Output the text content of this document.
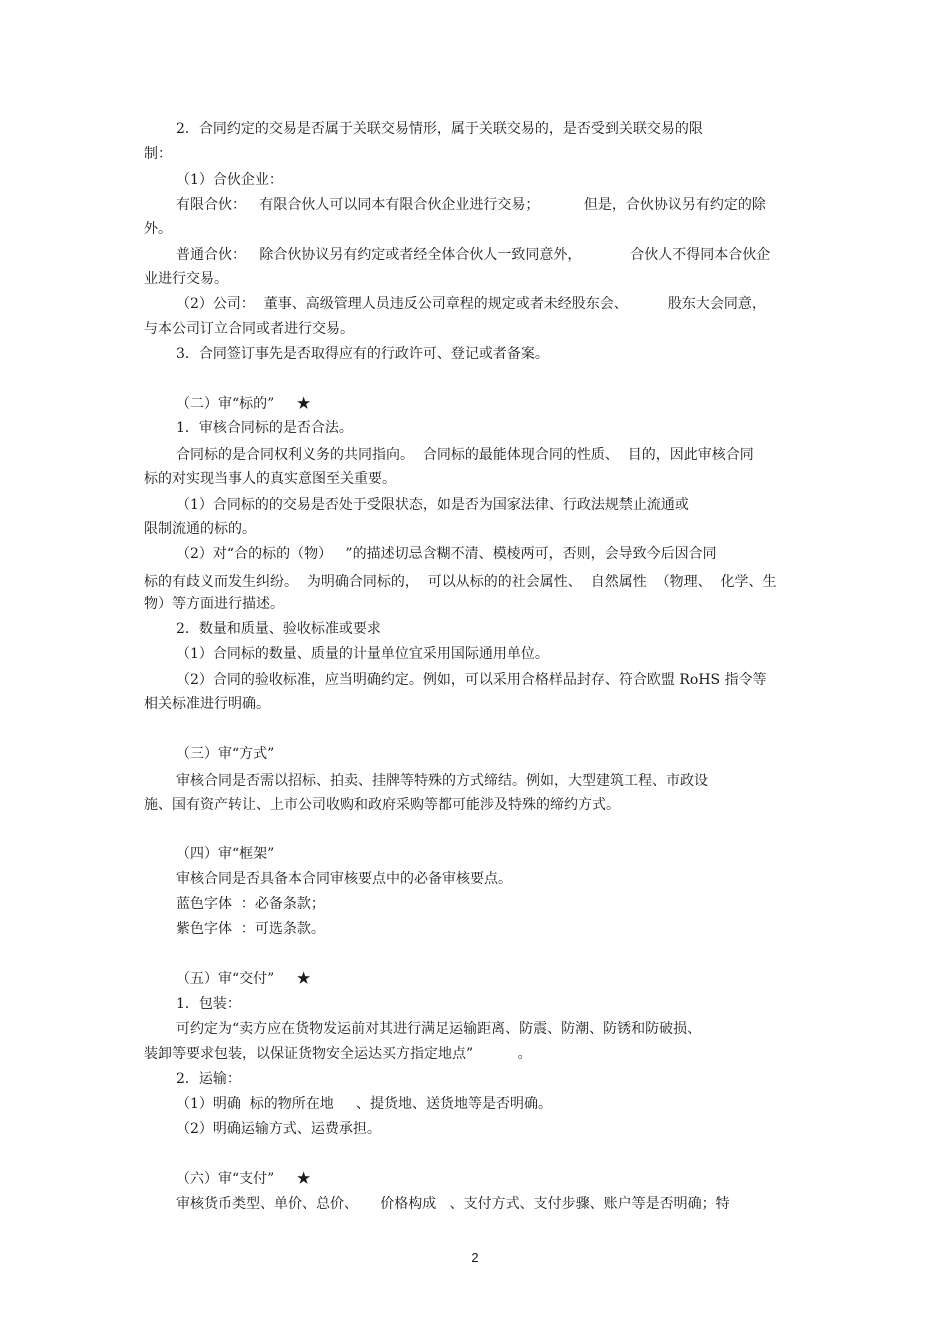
2．合同约定的交易是否属于关联交易情形，属于关联交易的，是否受到关联交易的限

制：

（1）合伙企业：

有限合伙：   有限合伙人可以同本有限合伙企业进行交易；          但是，合伙协议另有约定的除

外。

普通合伙：   除合伙协议另有约定或者经全体合伙人一致同意外，           合伙人不得同本合伙企

业进行交易。

（2）公司：  董事、高级管理人员违反公司章程的规定或者未经股东会、         股东大会同意，

与本公司订立合同或者进行交易。

3．合同签订事先是否取得应有的行政许可、登记或者备案。

（二）审“标的”     ★

1．审核合同标的是否合法。

合同标的是合同权利义务的共同指向。  合同标的最能体现合同的性质、  目的，因此审核合同

标的对实现当事人的真实意图至关重要。

（1）合同标的的交易是否处于受限状态，如是否为国家法律、行政法规禁止流通或

限制流通的标的。

（2）对“合的标的（物）   ”的描述切忌含糊不清、模棱两可，否则，会导致今后因合同

标的有歧义而发生纠纷。  为明确合同标的，  可以从标的的社会属性、  自然属性  （物理、  化学、生

物）等方面进行描述。

2．数量和质量、验收标准或要求

（1）合同标的数量、质量的计量单位宜采用国际通用单位。

（2）合同的验收标准，应当明确约定。例如，可以采用合格样品封存、符合欧盟 RoHS 指令等

相关标准进行明确。

（三）审“方式”

审核合同是否需以招标、拍卖、挂牌等特殊的方式缔结。例如，大型建筑工程、市政设

施、国有资产转让、上市公司收购和政府采购等都可能涉及特殊的缔约方式。

（四）审“框架”

审核合同是否具备本合同审核要点中的必备审核要点。

蓝色字体  ：必备条款；

紫色字体  ：可选条款。

（五）审“交付”     ★

1．包装：

可约定为“卖方应在货物发运前对其进行满足运输距离、防震、防潮、防锈和防破损、

装卸等要求包装，以保证货物安全运达买方指定地点”          。

2．运输：

（1）明确  标的物所在地     、提货地、送货地等是否明确。

（2）明确运输方式、运费承担。

（六）审“支付”     ★

审核货币类型、单价、总价、     价格构成   、支付方式、支付步骤、账户等是否明确；特

2
